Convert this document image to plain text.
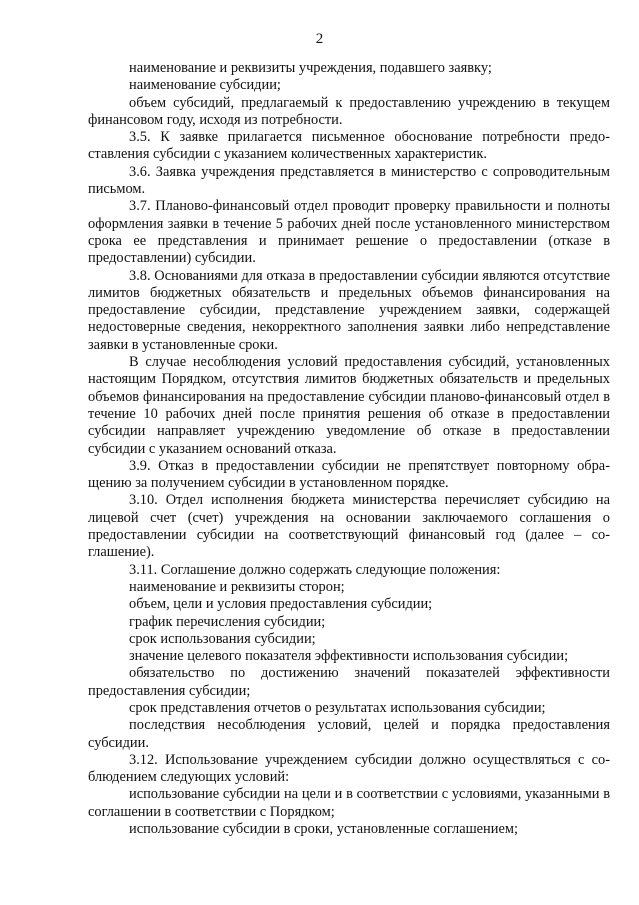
2

наименование и реквизиты учреждения, подавшего заявку;

наименование субсидии;

объем субсидий, предлагаемый к предоставлению учреждению в текущем финансовом году, исходя из потребности.

3.5. К заявке прилагается письменное обоснование потребности предоставления субсидии с указанием количественных характеристик.

3.6. Заявка учреждения представляется в министерство с сопроводительным письмом.

3.7. Планово-финансовый отдел проводит проверку правильности и полноты оформления заявки в течение 5 рабочих дней после установленного министерством срока ее представления и принимает решение о предоставлении (отказе в предоставлении) субсидии.

3.8. Основаниями для отказа в предоставлении субсидии являются отсутствие лимитов бюджетных обязательств и предельных объемов финансирования на предоставление субсидии, представление учреждением заявки, содержащей недостоверные сведения, некорректного заполнения заявки либо непредставление заявки в установленные сроки.

В случае несоблюдения условий предоставления субсидий, установленных настоящим Порядком, отсутствия лимитов бюджетных обязательств и предельных объемов финансирования на предоставление субсидии планово-финансовый отдел в течение 10 рабочих дней после принятия решения об отказе в предоставлении субсидии направляет учреждению уведомление об отказе в предоставлении субсидии с указанием оснований отказа.

3.9. Отказ в предоставлении субсидии не препятствует повторному обращению за получением субсидии в установленном порядке.

3.10. Отдел исполнения бюджета министерства перечисляет субсидию на лицевой счет (счет) учреждения на основании заключаемого соглашения о предоставлении субсидии на соответствующий финансовый год (далее – соглашение).

3.11. Соглашение должно содержать следующие положения:

наименование и реквизиты сторон;

объем, цели и условия предоставления субсидии;

график перечисления субсидии;

срок использования субсидии;

значение целевого показателя эффективности использования субсидии;

обязательство по достижению значений показателей эффективности предоставления субсидии;

срок представления отчетов о результатах использования субсидии;

последствия несоблюдения условий, целей и порядка предоставления субсидии.

3.12. Использование учреждением субсидии должно осуществляться с соблюдением следующих условий:

использование субсидии на цели и в соответствии с условиями, указанными в соглашении в соответствии с Порядком;

использование субсидии в сроки, установленные соглашением;
